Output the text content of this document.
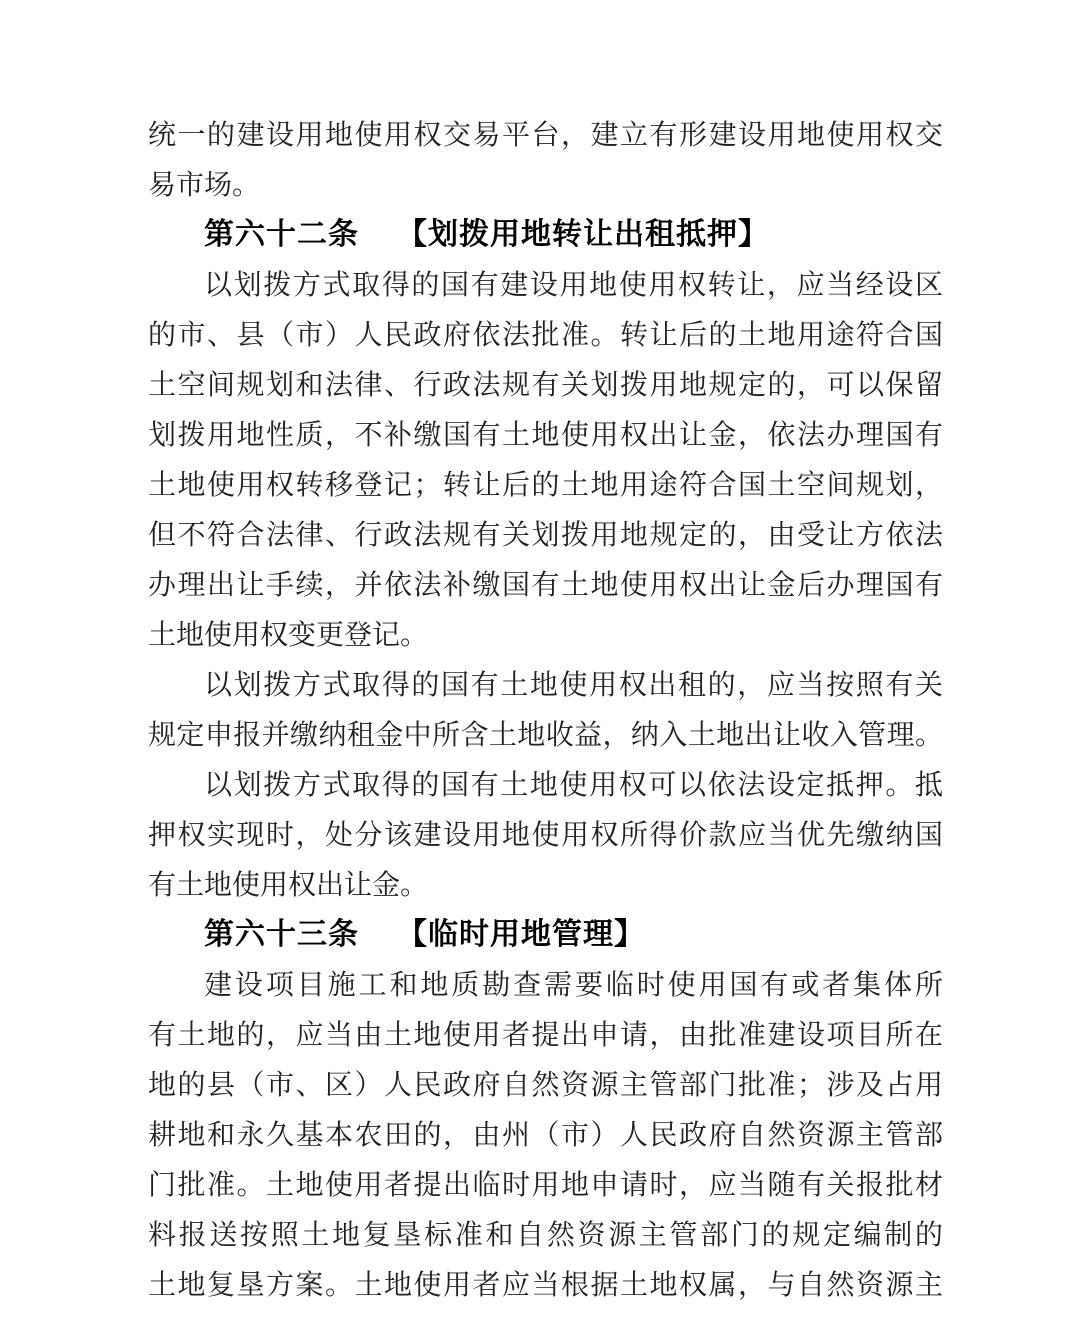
统一的建设用地使用权交易平台，建立有形建设用地使用权交
易市场。
第六十二条 【划拨用地转让出租抵押】
以划拨方式取得的国有建设用地使用权转让，应当经设区
的市、县（市）人民政府依法批准。转让后的土地用途符合国
土空间规划和法律、行政法规有关划拨用地规定的，可以保留
划拨用地性质，不补缴国有土地使用权出让金，依法办理国有
土地使用权转移登记；转让后的土地用途符合国土空间规划，
但不符合法律、行政法规有关划拨用地规定的，由受让方依法
办理出让手续，并依法补缴国有土地使用权出让金后办理国有
土地使用权变更登记。
以划拨方式取得的国有土地使用权出租的，应当按照有关
规定申报并缴纳租金中所含土地收益，纳入土地出让收入管理。
以划拨方式取得的国有土地使用权可以依法设定抵押。抵
押权实现时，处分该建设用地使用权所得价款应当优先缴纳国
有土地使用权出让金。
第六十三条 【临时用地管理】
建设项目施工和地质勘查需要临时使用国有或者集体所
有土地的，应当由土地使用者提出申请，由批准建设项目所在
地的县（市、区）人民政府自然资源主管部门批准；涉及占用
耕地和永久基本农田的，由州（市）人民政府自然资源主管部
门批准。土地使用者提出临时用地申请时，应当随有关报批材
料报送按照土地复垦标准和自然资源主管部门的规定编制的
土地复垦方案。土地使用者应当根据土地权属，与自然资源主
